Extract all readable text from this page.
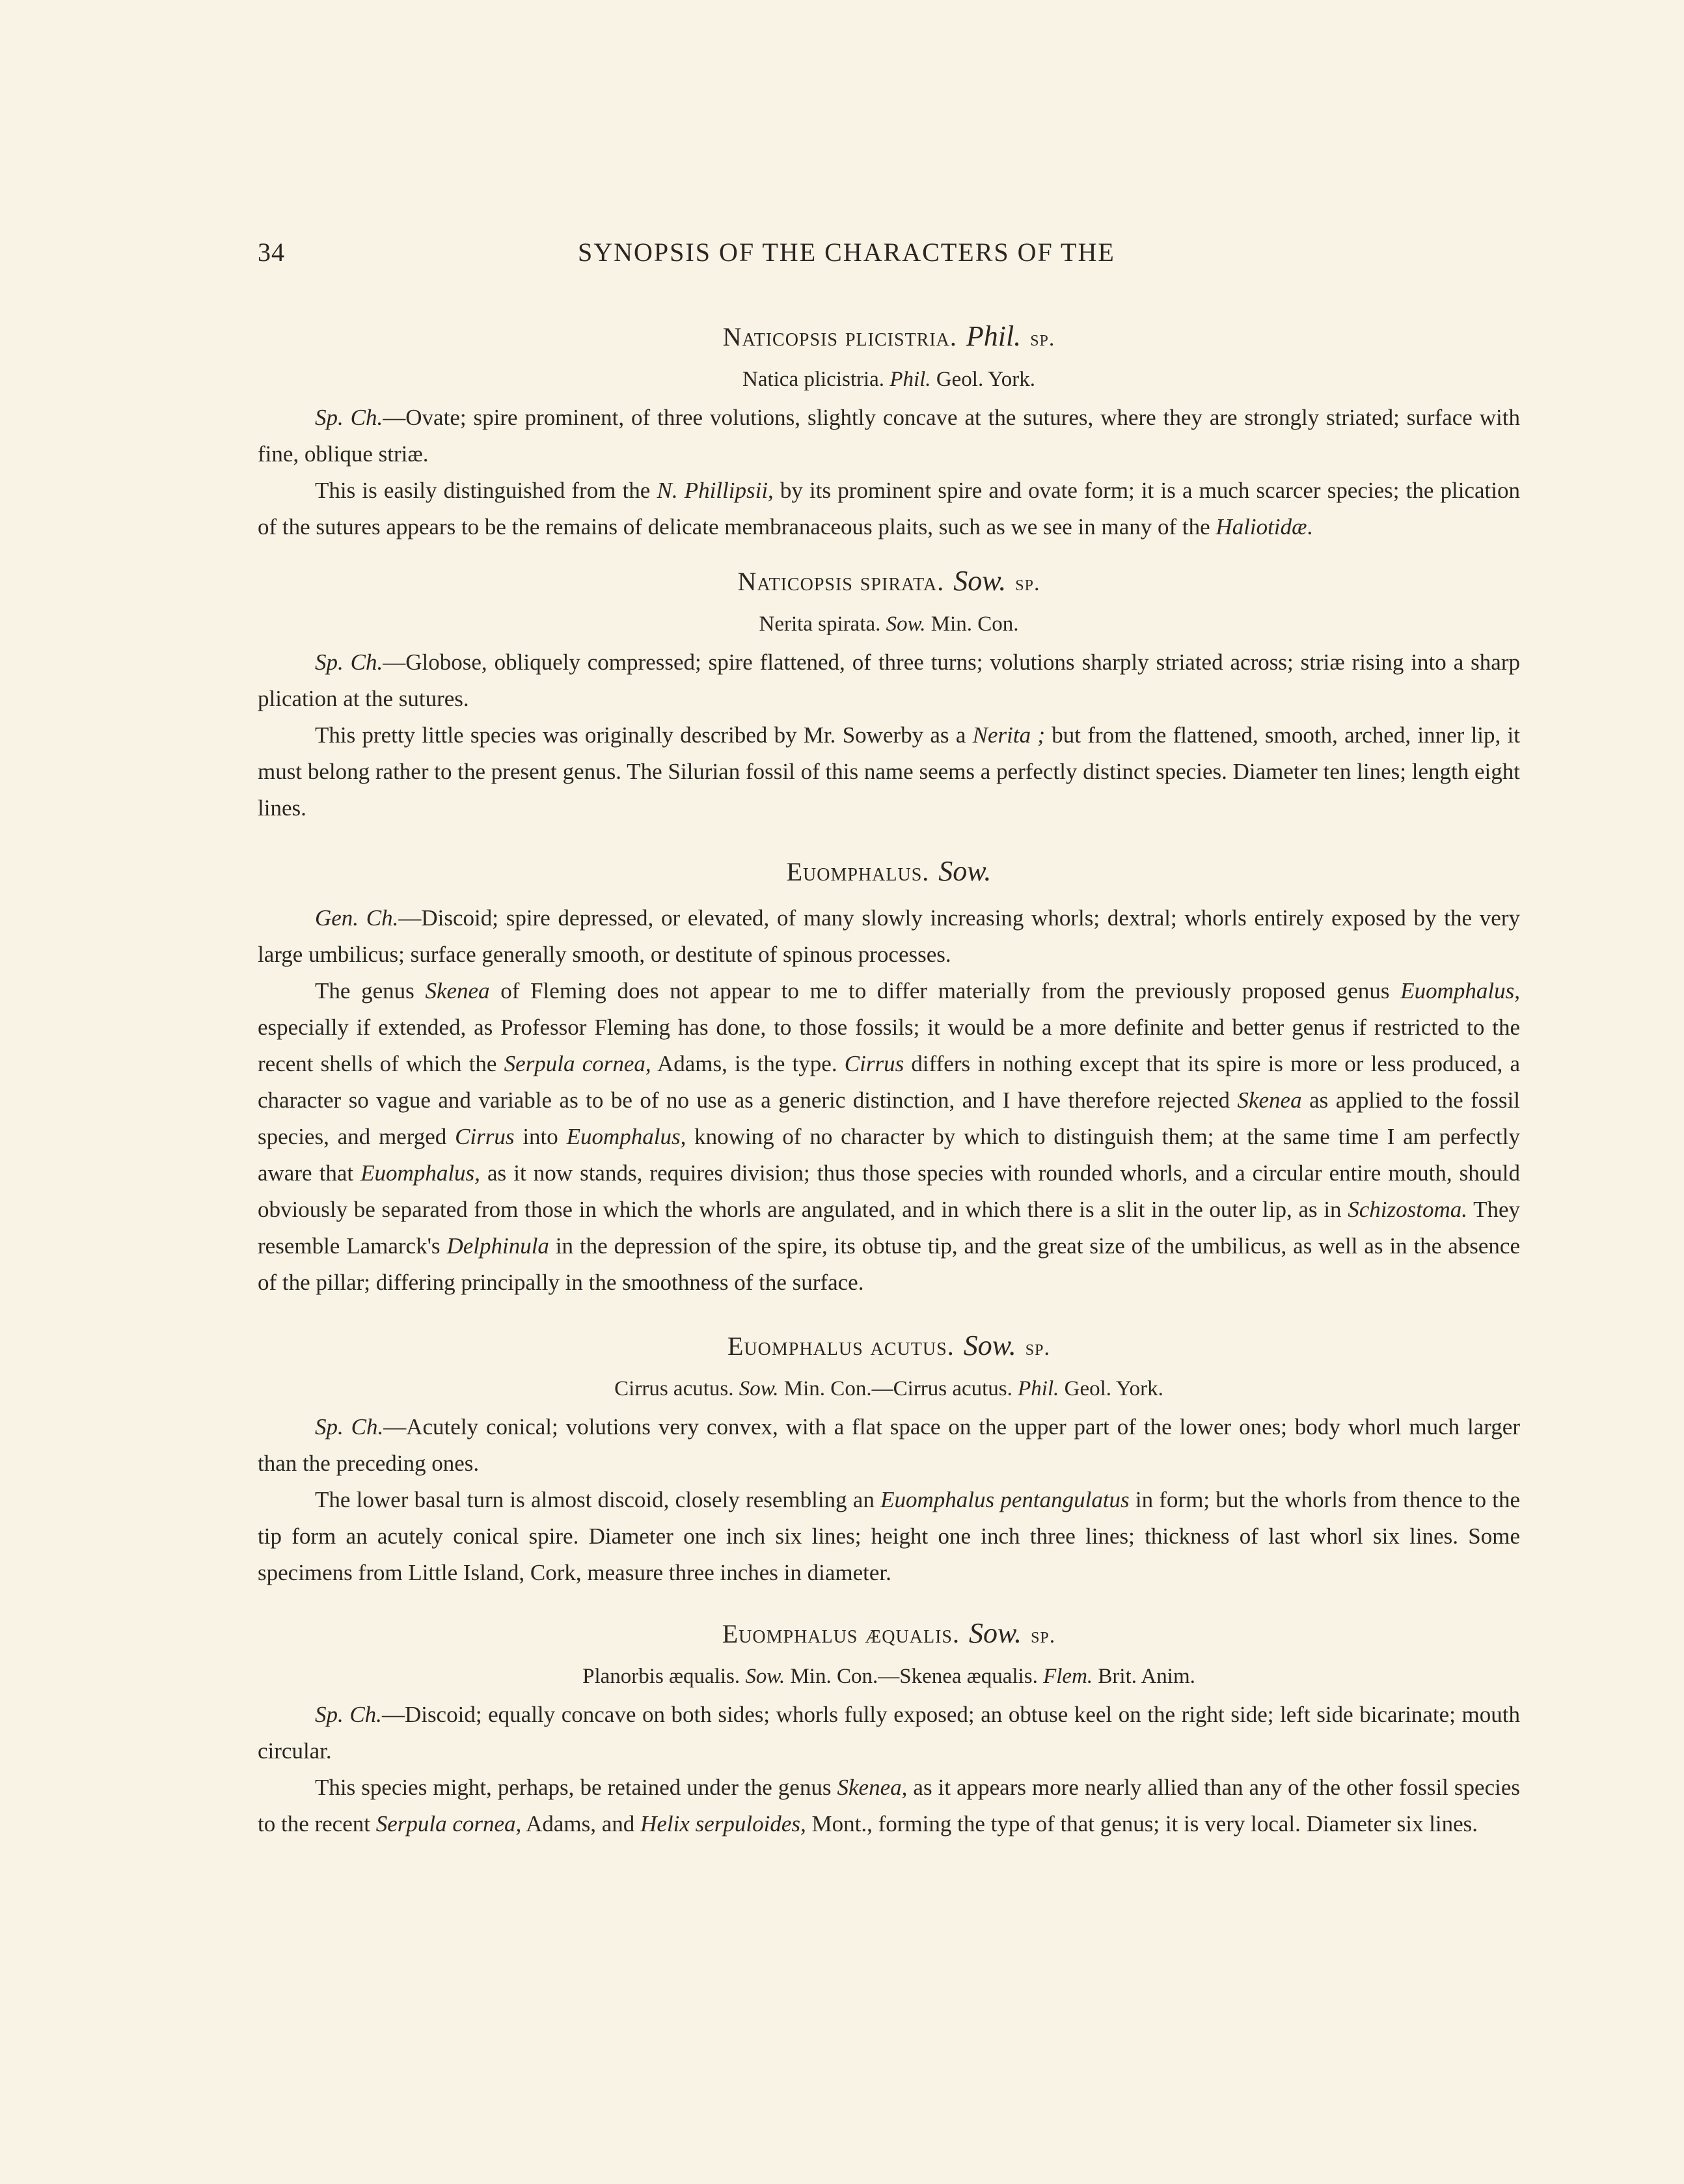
34	SYNOPSIS OF THE CHARACTERS OF THE
Naticopsis plicistria. Phil. sp.
Natica plicistria. Phil. Geol. York.

Sp. Ch.—Ovate; spire prominent, of three volutions, slightly concave at the sutures, where they are strongly striated; surface with fine, oblique striæ.

This is easily distinguished from the N. Phillipsii, by its prominent spire and ovate form; it is a much scarcer species; the plication of the sutures appears to be the remains of delicate membranaceous plaits, such as we see in many of the Haliotidæ.

Naticopsis spirata. Sow. sp.
Nerita spirata. Sow. Min. Con.

Sp. Ch.—Globose, obliquely compressed; spire flattened, of three turns; volutions sharply striated across; striæ rising into a sharp plication at the sutures.

This pretty little species was originally described by Mr. Sowerby as a Nerita ; but from the flattened, smooth, arched, inner lip, it must belong rather to the present genus. The Silurian fossil of this name seems a perfectly distinct species. Diameter ten lines; length eight lines.

Euomphalus. Sow.

Gen. Ch.—Discoid; spire depressed, or elevated, of many slowly increasing whorls; dextral; whorls entirely exposed by the very large umbilicus; surface generally smooth, or destitute of spinous processes.

The genus Skenea of Fleming does not appear to me to differ materially from the previously proposed genus Euomphalus, especially if extended, as Professor Fleming has done, to those fossils; it would be a more definite and better genus if restricted to the recent shells of which the Serpula cornea, Adams, is the type. Cirrus differs in nothing except that its spire is more or less produced, a character so vague and variable as to be of no use as a generic distinction, and I have therefore rejected Skenea as applied to the fossil species, and merged Cirrus into Euomphalus, knowing of no character by which to distinguish them; at the same time I am perfectly aware that Euomphalus, as it now stands, requires division; thus those species with rounded whorls, and a circular entire mouth, should obviously be separated from those in which the whorls are angulated, and in which there is a slit in the outer lip, as in Schizostoma. They resemble Lamarck's Delphinula in the depression of the spire, its obtuse tip, and the great size of the umbilicus, as well as in the absence of the pillar; differing principally in the smoothness of the surface.

Euomphalus acutus. Sow. sp.
Cirrus acutus. Sow. Min. Con.—Cirrus acutus. Phil. Geol. York.

Sp. Ch.—Acutely conical; volutions very convex, with a flat space on the upper part of the lower ones; body whorl much larger than the preceding ones.

The lower basal turn is almost discoid, closely resembling an Euomphalus pentangulatus in form; but the whorls from thence to the tip form an acutely conical spire. Diameter one inch six lines; height one inch three lines; thickness of last whorl six lines. Some specimens from Little Island, Cork, measure three inches in diameter.

Euomphalus æqualis. Sow. sp.
Planorbis æqualis. Sow. Min. Con.—Skenea æqualis. Flem. Brit. Anim.

Sp. Ch.—Discoid; equally concave on both sides; whorls fully exposed; an obtuse keel on the right side; left side bicarinate; mouth circular.

This species might, perhaps, be retained under the genus Skenea, as it appears more nearly allied than any of the other fossil species to the recent Serpula cornea, Adams, and Helix serpuloides, Mont., forming the type of that genus; it is very local. Diameter six lines.
